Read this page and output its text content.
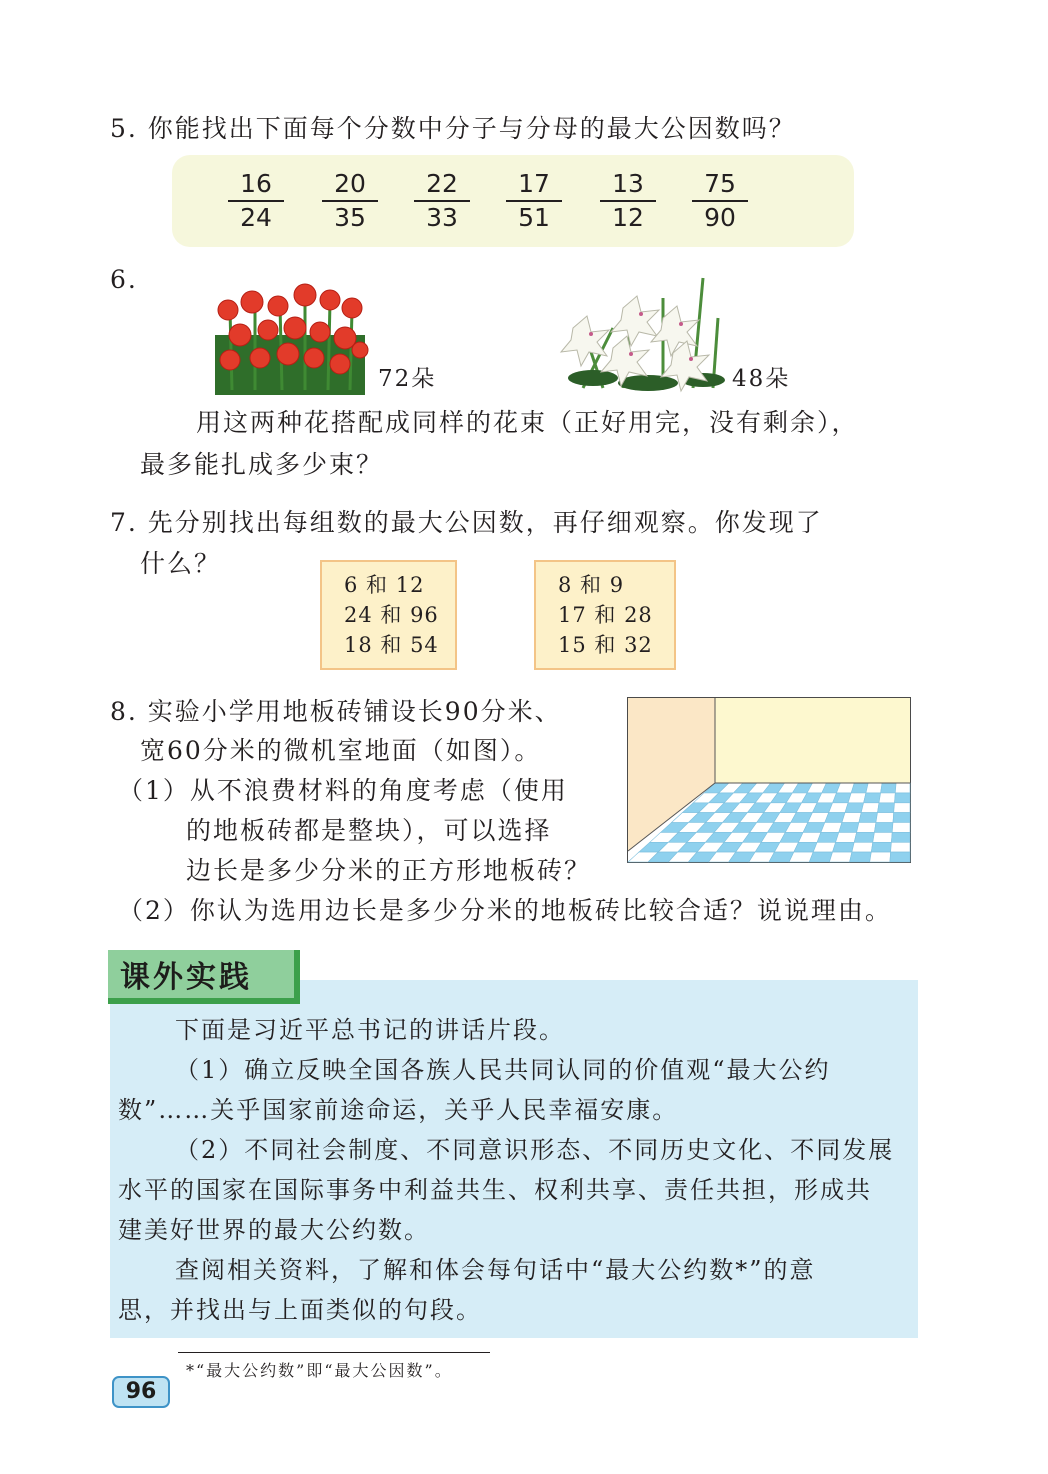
5. 你能找出下面每个分数中分子与分母的最大公因数吗？
$\frac{16}{24} \frac{20}{35} \frac{22}{33} \frac{17}{51} \frac{13}{12} \frac{75}{90}$
6.
72朵	48朵
用这两种花搭配成同样的花束（正好用完，没有剩余），
最多能扎成多少束？
7. 先分别找出每组数的最大公因数，再仔细观察。你发现了
什么？
6 和 12
24 和 96
18 和 54
8 和 9
17 和 28
15 和 32
8. 实验小学用地板砖铺设长90分米、
宽60分米的微机室地面（如图）。
（1）从不浪费材料的角度考虑（使用
的地板砖都是整块），可以选择
边长是多少分米的正方形地板砖？
（2）你认为选用边长是多少分米的地板砖比较合适？说说理由。
课外实践
下面是习近平总书记的讲话片段。
（1）确立反映全国各族人民共同认同的价值观“最大公约
数”……关乎国家前途命运，关乎人民幸福安康。
（2）不同社会制度、不同意识形态、不同历史文化、不同发展
水平的国家在国际事务中利益共生、权利共享、责任共担，形成共
建美好世界的最大公约数。
查阅相关资料，了解和体会每句话中“最大公约数*”的意
思，并找出与上面类似的句段。
*“最大公约数”即“最大公因数”。
96
